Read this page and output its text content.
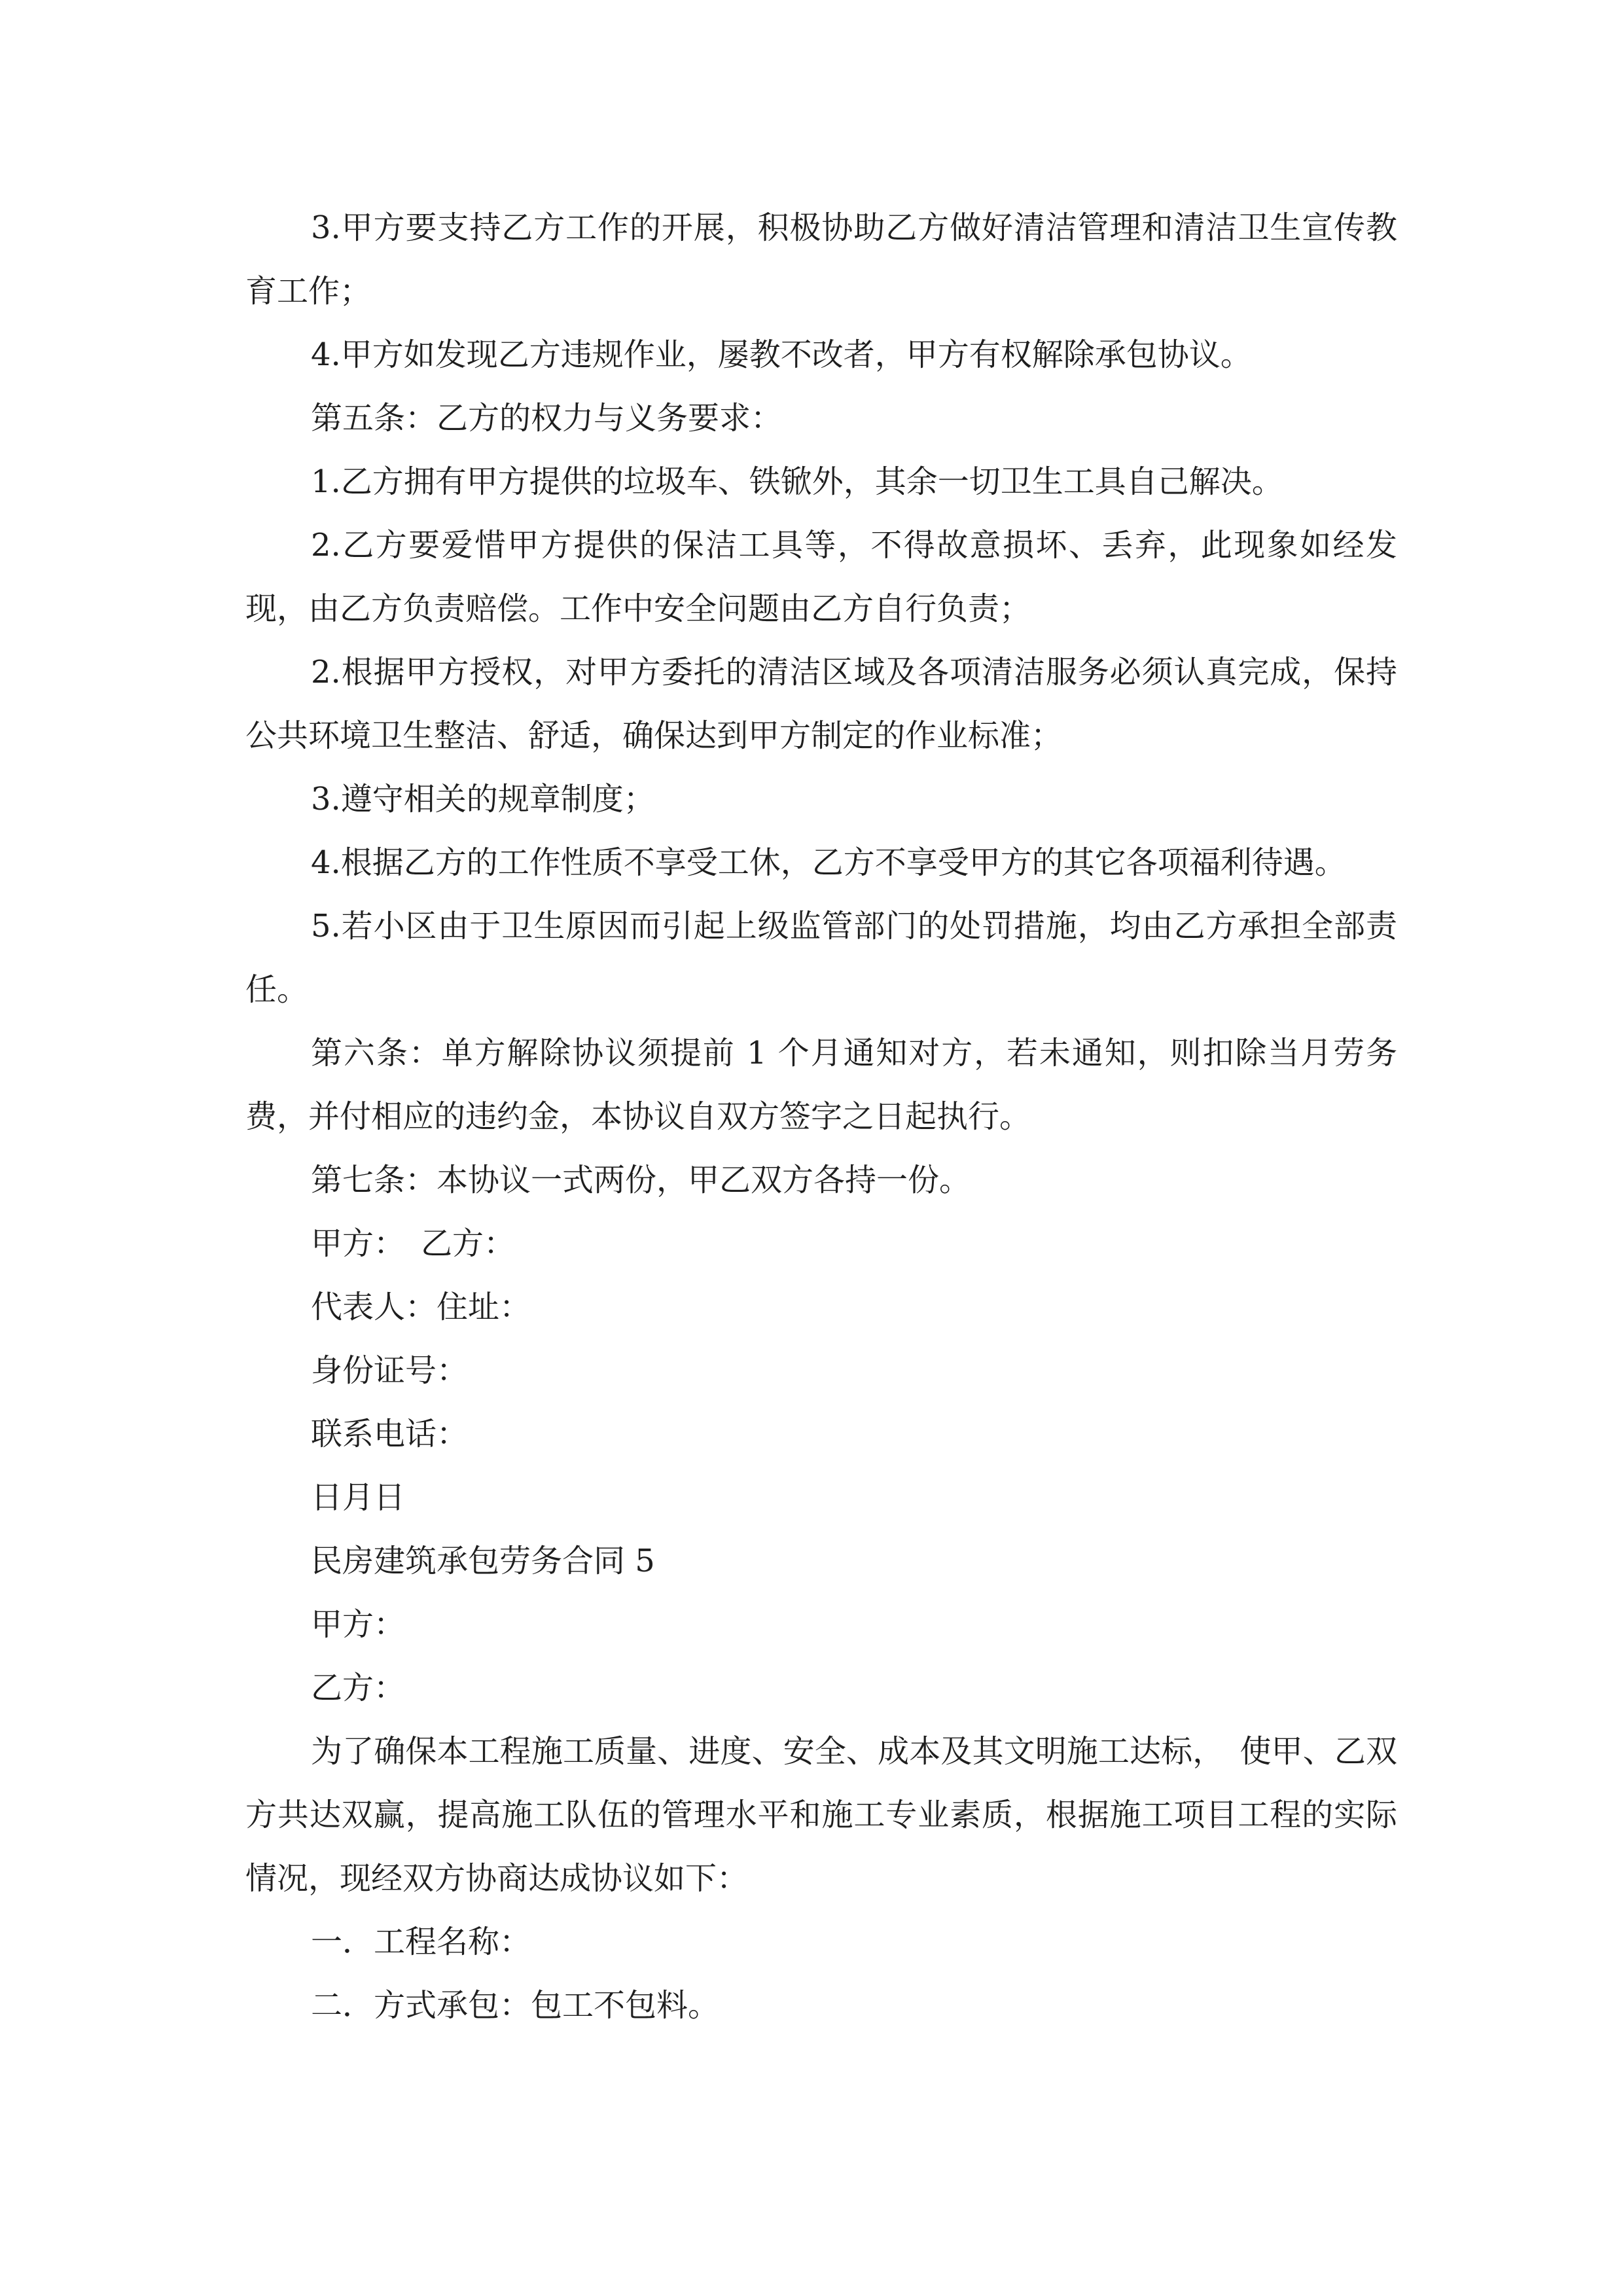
3.甲方要支持乙方工作的开展，积极协助乙方做好清洁管理和清洁卫生宣传教育工作；

4.甲方如发现乙方违规作业，屡教不改者，甲方有权解除承包协议。

第五条：乙方的权力与义务要求：

1.乙方拥有甲方提供的垃圾车、铁锨外，其余一切卫生工具自己解决。

2.乙方要爱惜甲方提供的保洁工具等，不得故意损坏、丢弃，此现象如经发现，由乙方负责赔偿。工作中安全问题由乙方自行负责；

2.根据甲方授权，对甲方委托的清洁区域及各项清洁服务必须认真完成，保持公共环境卫生整洁、舒适，确保达到甲方制定的作业标准；

3.遵守相关的规章制度；

4.根据乙方的工作性质不享受工休，乙方不享受甲方的其它各项福利待遇。

5.若小区由于卫生原因而引起上级监管部门的处罚措施，均由乙方承担全部责任。

第六条：单方解除协议须提前 1 个月通知对方，若未通知，则扣除当月劳务费，并付相应的违约金，本协议自双方签字之日起执行。

第七条：本协议一式两份，甲乙双方各持一份。

甲方：　乙方：

代表人：住址：

身份证号：

联系电话：

日月日

民房建筑承包劳务合同 5

甲方：

乙方：

为了确保本工程施工质量、进度、安全、成本及其文明施工达标，　使甲、乙双方共达双赢，提高施工队伍的管理水平和施工专业素质，根据施工项目工程的实际情况，现经双方协商达成协议如下：

一．工程名称：

二．方式承包：包工不包料。
